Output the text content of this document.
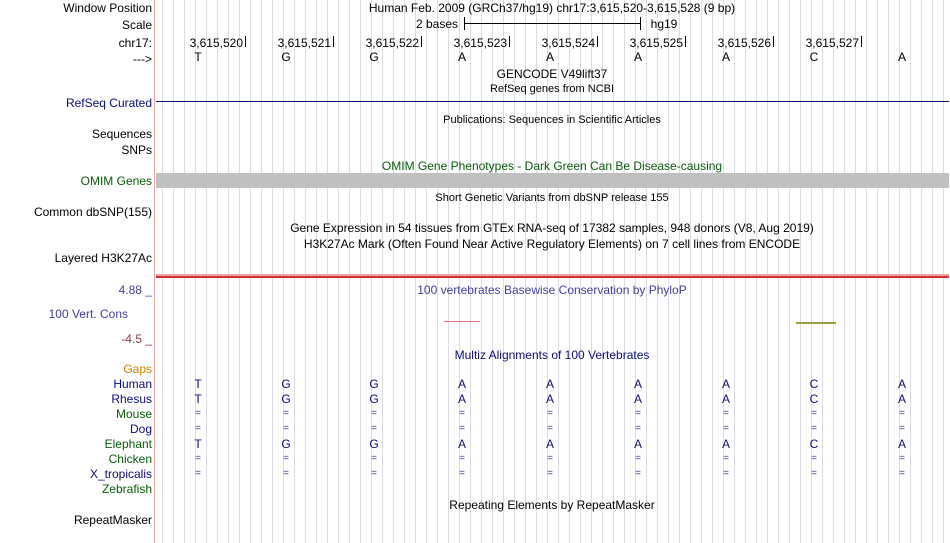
Window Position	Human Feb. 2009 (GRCh37/hg19) chr17:3,615,520-3,615,528 (9 bp)
Scale	2 bases	hg19
chr17:	3,615,520	3,615,521	3,615,522	3,615,523	3,615,524	3,615,525	3,615,526	3,615,527
--->	T	G	G	A	A	A	A	C	A
GENCODE V49lift37
RefSeq genes from NCBI
RefSeq Curated
Publications: Sequences in Scientific Articles
Sequences
SNPs
OMIM Gene Phenotypes - Dark Green Can Be Disease-causing
OMIM Genes
Short Genetic Variants from dbSNP release 155
Common dbSNP(155)
Gene Expression in 54 tissues from GTEx RNA-seq of 17382 samples, 948 donors (V8, Aug 2019)
H3K27Ac Mark (Often Found Near Active Regulatory Elements) on 7 cell lines from ENCODE
Layered H3K27Ac
4.88 _	100 vertebrates Basewise Conservation by PhyloP
100 Vert. Cons
-4.5 _
Multiz Alignments of 100 Vertebrates
Gaps
Human	T	G	G	A	A	A	A	C	A
Rhesus	T	G	G	A	A	A	A	C	A
Mouse	=	=	=	=	=	=	=	=	=
Dog	=	=	=	=	=	=	=	=	=
Elephant	T	G	G	A	A	A	A	C	A
Chicken	=	=	=	=	=	=	=	=	=
X_tropicalis	=	=	=	=	=	=	=	=	=
Zebrafish
Repeating Elements by RepeatMasker
RepeatMasker
